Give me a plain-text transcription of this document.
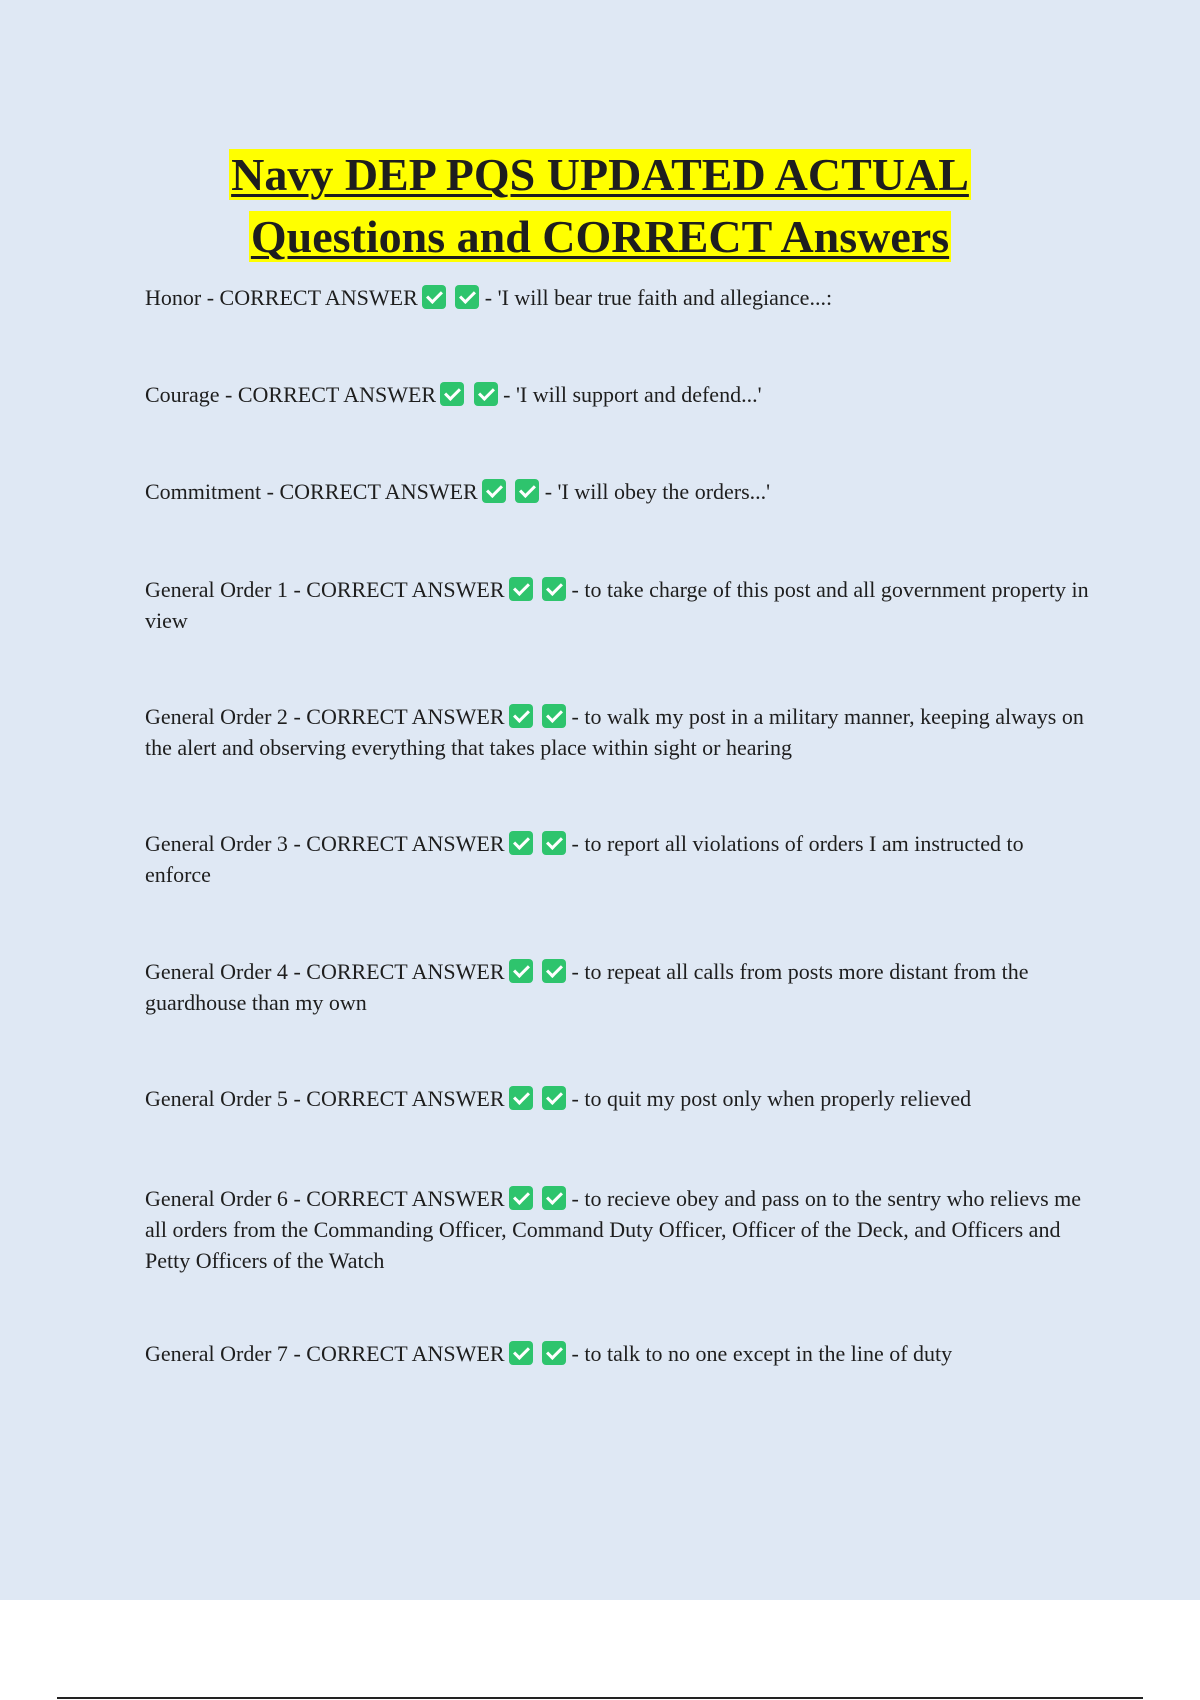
Navy DEP PQS UPDATED ACTUAL
Questions and CORRECT Answers
Honor - CORRECT ANSWER	- 'I will bear true faith and allegiance...:
Courage - CORRECT ANSWER	- 'I will support and defend...'
Commitment - CORRECT ANSWER	- 'I will obey the orders...'
General Order 1 - CORRECT ANSWER	- to take charge of this post and all government property in view
General Order 2 - CORRECT ANSWER	- to walk my post in a military manner, keeping always on the alert and observing everything that takes place within sight or hearing
General Order 3 - CORRECT ANSWER	- to report all violations of orders I am instructed to enforce
General Order 4 - CORRECT ANSWER	- to repeat all calls from posts more distant from the guardhouse than my own
General Order 5 - CORRECT ANSWER	- to quit my post only when properly relieved
General Order 6 - CORRECT ANSWER	- to recieve obey and pass on to the sentry who relievs me all orders from the Commanding Officer, Command Duty Officer, Officer of the Deck, and Officers and Petty Officers of the Watch
General Order 7 - CORRECT ANSWER	- to talk to no one except in the line of duty
